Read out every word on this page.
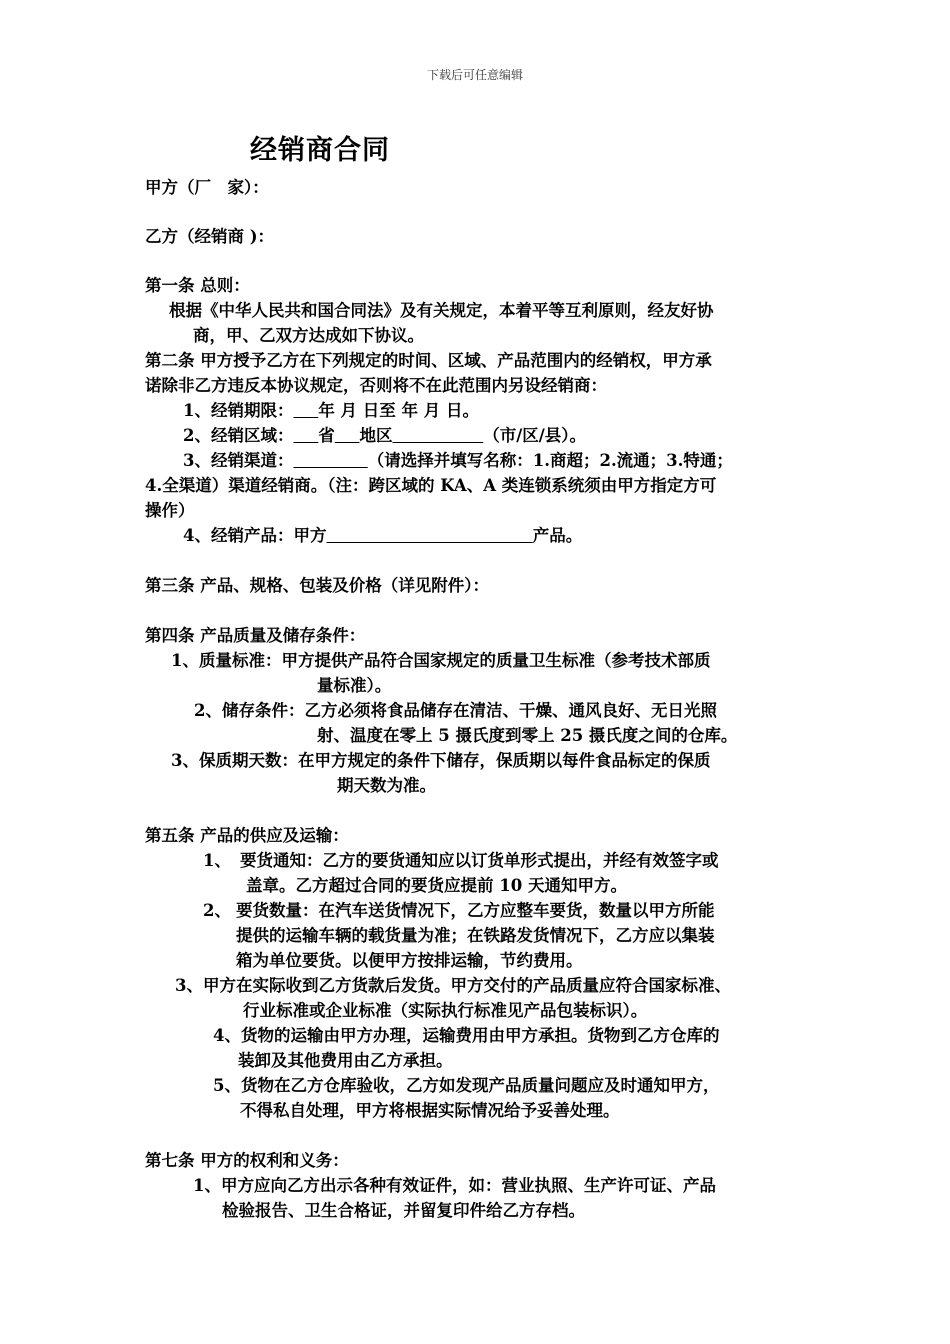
下载后可任意编辑
经销商合同
甲方（厂　家）：
乙方（经销商 )：
第一条 总则：
根据《中华人民共和国合同法》及有关规定，本着平等互利原则，经友好协
商，甲、乙双方达成如下协议。
第二条 甲方授予乙方在下列规定的时间、区域、产品范围内的经销权，甲方承
诺除非乙方违反本协议规定，否则将不在此范围内另设经销商：
1、经销期限：   年 月 日至 年 月 日。
2、经销区域：   省   地区      	（市/区/县）。
3、经销渠道：     	（请选择并填写名称：1.商超；2.流通；3.特通；
4.全渠道）渠道经销商。（注：跨区域的 KA、A 类连锁系统须由甲方指定方可
操作）
4、经销产品：甲方             	产品。
第三条 产品、规格、包装及价格（详见附件）：
第四条 产品质量及储存条件：
1、质量标准：甲方提供产品符合国家规定的质量卫生标准（参考技术部质
量标准）。
2、储存条件：乙方必须将食品储存在清洁、干燥、通风良好、无日光照
射、温度在零上 5 摄氏度到零上 25 摄氏度之间的仓库。
3、保质期天数：在甲方规定的条件下储存，保质期以每件食品标定的保质
期天数为准。
第五条 产品的供应及运输：
1、 要货通知：乙方的要货通知应以订货单形式提出，并经有效签字或
盖章。乙方超过合同的要货应提前 10 天通知甲方。
2、 要货数量：在汽车送货情况下，乙方应整车要货，数量以甲方所能
提供的运输车辆的载货量为准；在铁路发货情况下，乙方应以集装
箱为单位要货。以便甲方按排运输，节约费用。
3、甲方在实际收到乙方货款后发货。甲方交付的产品质量应符合国家标准、
行业标准或企业标准（实际执行标准见产品包装标识）。
4、货物的运输由甲方办理，运输费用由甲方承担。货物到乙方仓库的
装卸及其他费用由乙方承担。
5、货物在乙方仓库验收，乙方如发现产品质量问题应及时通知甲方，
不得私自处理，甲方将根据实际情况给予妥善处理。
第七条 甲方的权利和义务：
1、甲方应向乙方出示各种有效证件，如：营业执照、生产许可证、产品
检验报告、卫生合格证，并留复印件给乙方存档。
